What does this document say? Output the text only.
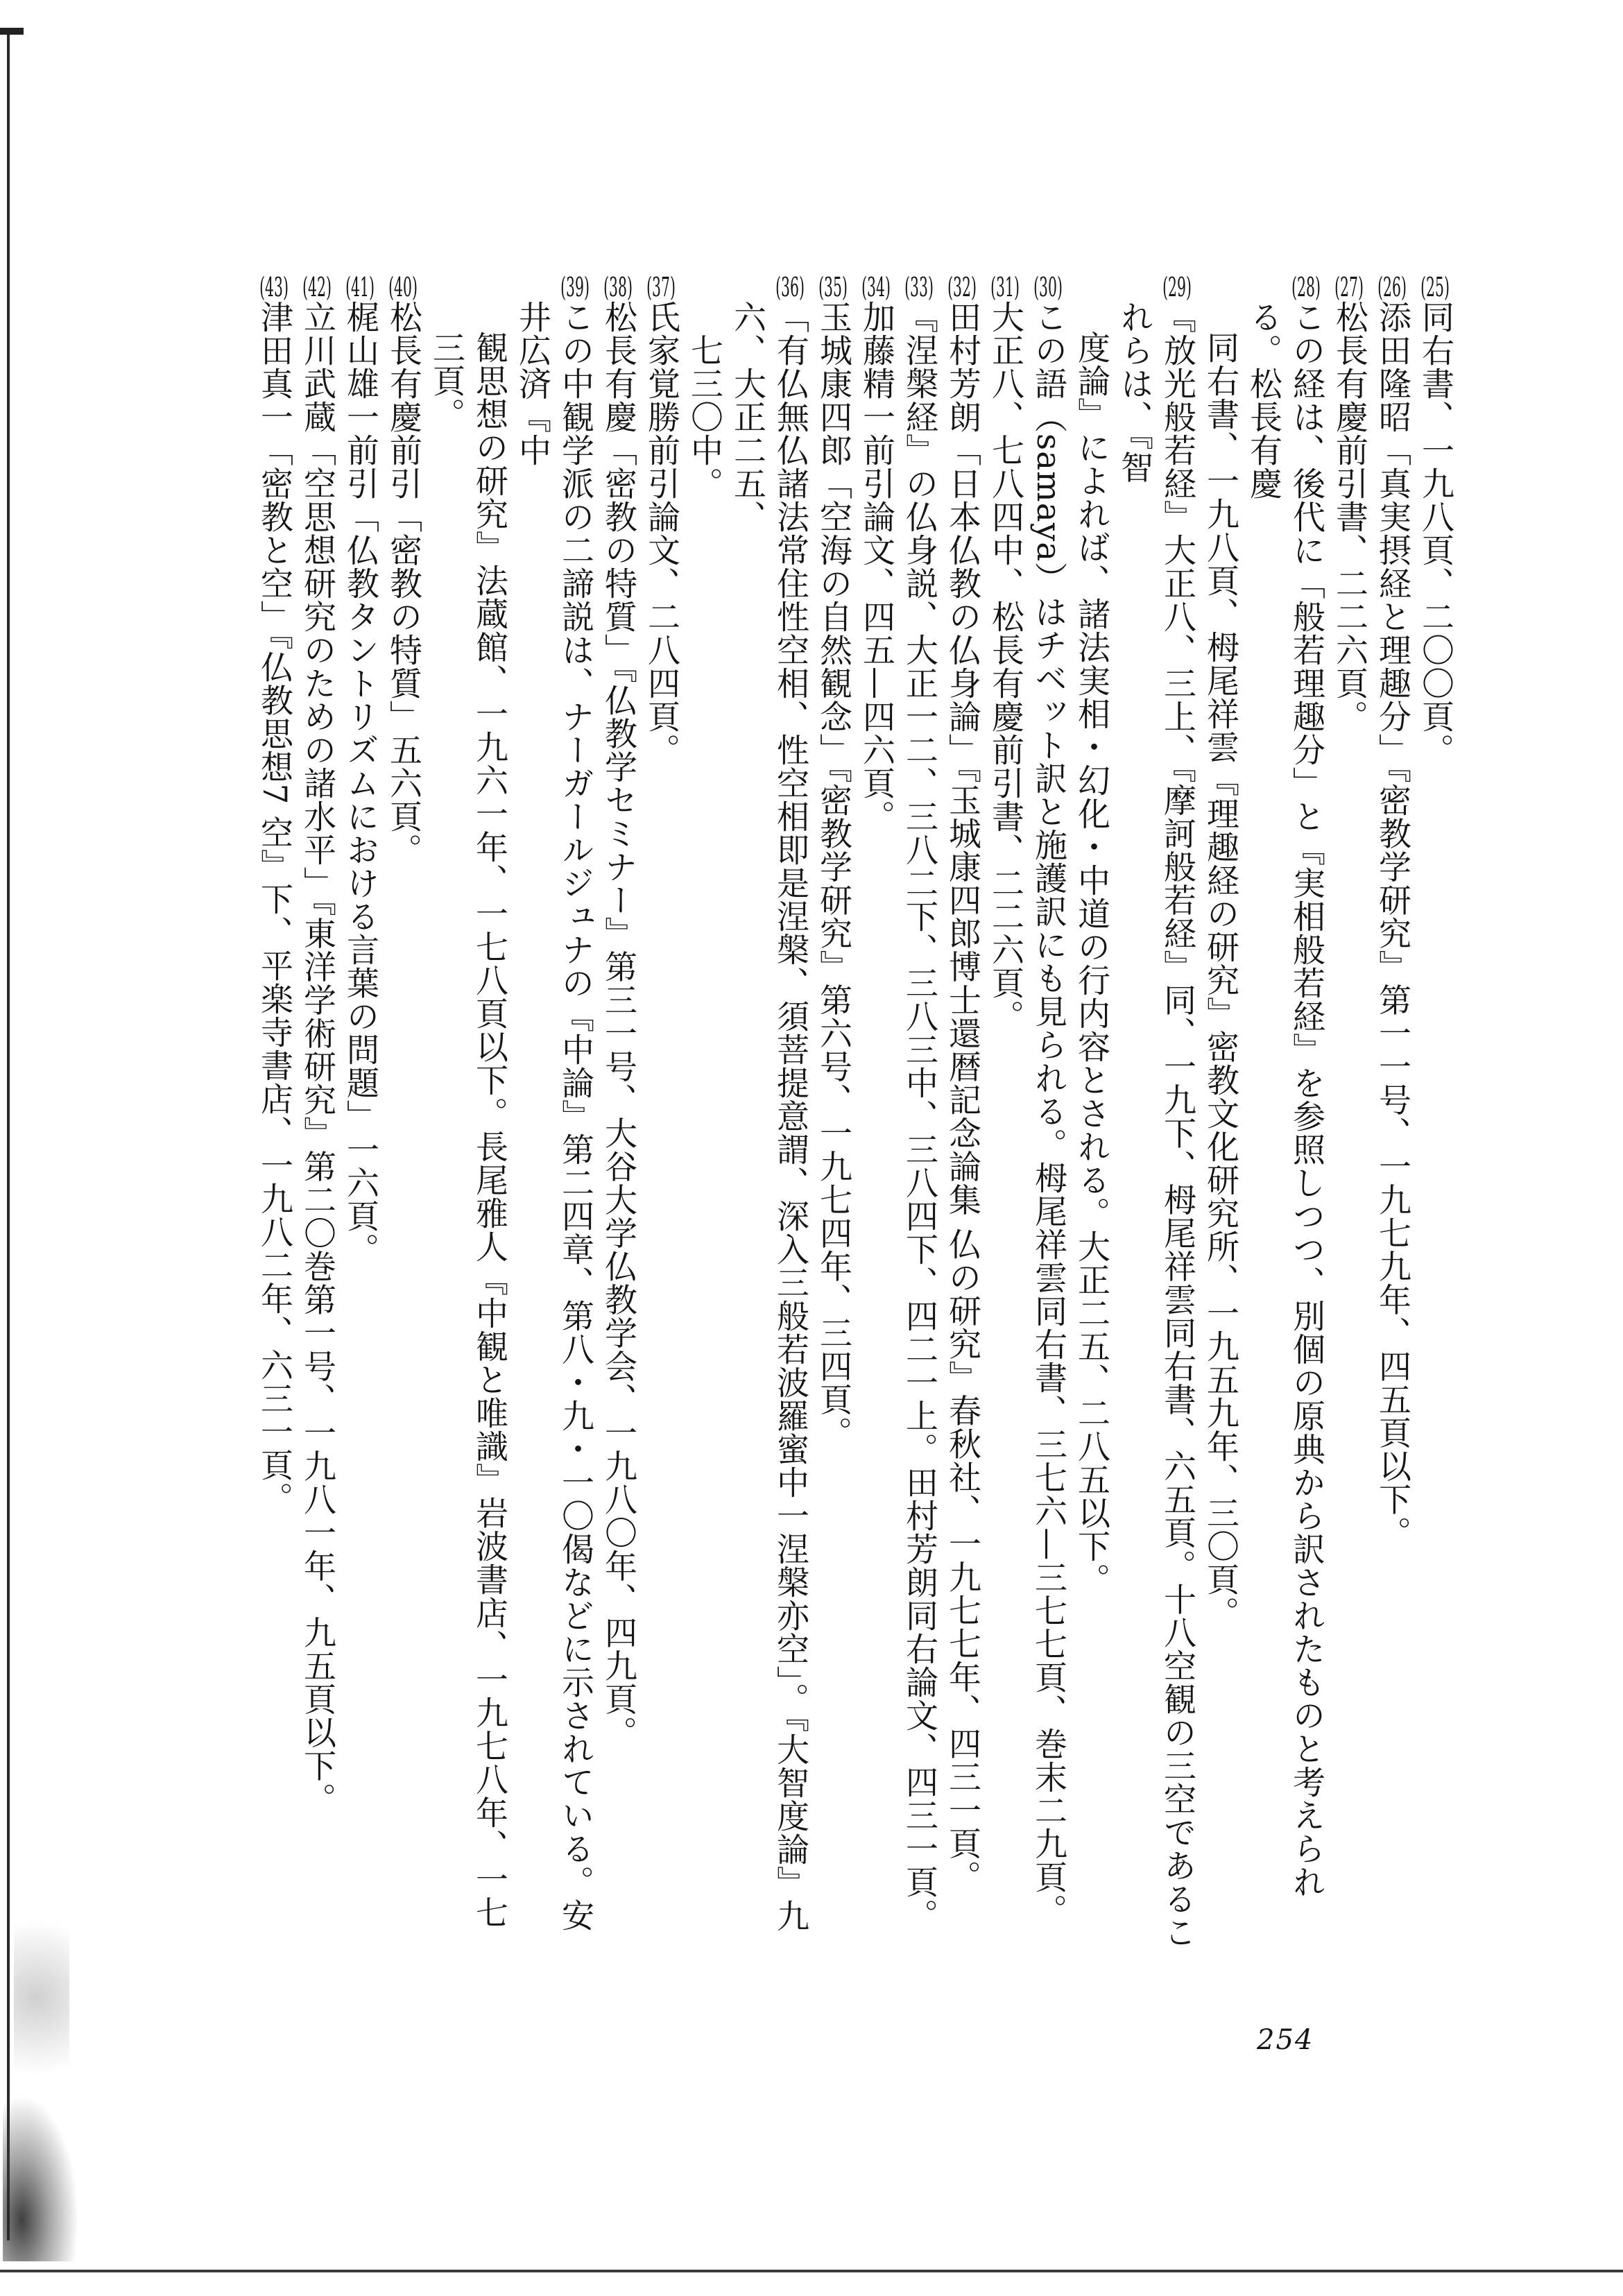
(25)
同右書、一九八頁、二〇〇頁。
(26)
添田隆昭「真実摂経と理趣分」『密教学研究』第一一号、一九七九年、四五頁以下。
(27)
松長有慶前引書、二二六頁。
(28)
この経は、後代に「般若理趣分」と『実相般若経』を参照しつつ、別個の原典から訳されたものと考えられる。松長有慶
同右書、一九八頁、栂尾祥雲『理趣経の研究』密教文化研究所、一九五九年、三〇頁。
(29)
『放光般若経』大正八、三上、『摩訶般若経』同、一九下、栂尾祥雲同右書、六五頁。十八空観の三空であるこれらは、『智
度論』によれば、諸法実相・幻化・中道の行内容とされる。大正二五、二八五以下。
(30)
この語（samaya）はチベット訳と施護訳にも見られる。栂尾祥雲同右書、三七六—三七七頁、巻末二九頁。
(31)
大正八、七八四中、松長有慶前引書、二二六頁。
(32)
田村芳朗「日本仏教の仏身論」『玉城康四郎博士還暦記念論集 仏の研究』春秋社、一九七七年、四三一頁。
(33)
『涅槃経』の仏身説、大正一二、三八二下、三八三中、三八四下、四二一上。田村芳朗同右論文、四三一頁。
(34)
加藤精一前引論文、四五—四六頁。
(35)
玉城康四郎「空海の自然観念」『密教学研究』第六号、一九七四年、三四頁。
(36)
「有仏無仏諸法常住性空相、性空相即是涅槃、須菩提意謂、深入三般若波羅蜜中一涅槃亦空」。『大智度論』九六、大正二五、
七三〇中。
(37)
氏家覚勝前引論文、二八四頁。
(38)
松長有慶「密教の特質」『仏教学セミナー』第三一号、大谷大学仏教学会、一九八〇年、四九頁。
(39)
この中観学派の二諦説は、ナーガールジュナの『中論』第二四章、第八・九・一〇偈などに示されている。安井広済『中
観思想の研究』法蔵館、一九六一年、一七八頁以下。長尾雅人『中観と唯識』岩波書店、一九七八年、一七三頁。
(40)
松長有慶前引「密教の特質」五六頁。
(41)
梶山雄一前引「仏教タントリズムにおける言葉の問題」一六頁。
(42)
立川武蔵「空思想研究のための諸水平」『東洋学術研究』第二〇巻第一号、一九八一年、九五頁以下。
(43)
津田真一「密教と空」『仏教思想7 空』下、平楽寺書店、一九八二年、六三一頁。
254
